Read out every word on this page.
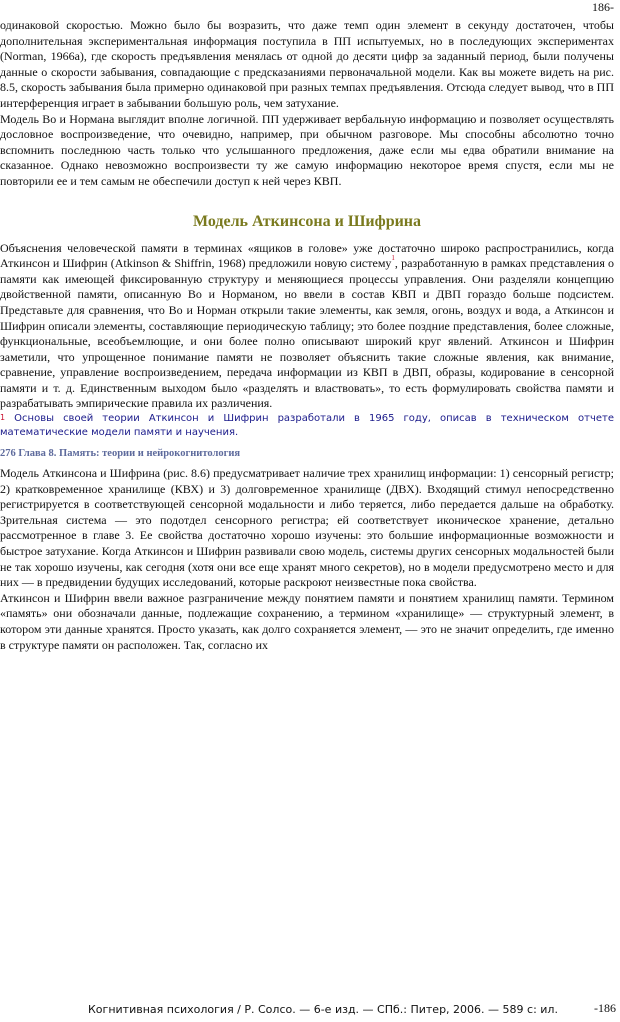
186-

одинаковой скоростью. Можно было бы возразить, что даже темп один элемент в секунду достаточен, чтобы дополнительная экспериментальная информация поступила в ПП испытуемых, но в последующих экспериментах (Norman, 1966а), где скорость предъявления менялась от одной до десяти цифр за заданный период, были получены данные о скорости забывания, совпадающие с предсказаниями первоначальной модели. Как вы можете видеть на рис. 8.5, скорость забывания была примерно одинаковой при разных темпах предъявления. Отсюда следует вывод, что в ПП интерференция играет в забывании большую роль, чем затухание.

Модель Во и Нормана выглядит вполне логичной. ПП удерживает вербальную информацию и позволяет осуществлять дословное воспроизведение, что очевидно, например, при обычном разговоре. Мы способны абсолютно точно вспомнить последнюю часть только что услышанного предложения, даже если мы едва обратили внимание на сказанное. Однако невозможно воспроизвести ту же самую информацию некоторое время спустя, если мы не повторили ее и тем самым не обеспечили доступ к ней через КВП.

Модель Аткинсона и Шифрина

Объяснения человеческой памяти в терминах «ящиков в голове» уже достаточно широко распространились, когда Аткинсон и Шифрин (Atkinson & Shiffrin, 1968) предложили новую систему$^1$, разработанную в рамках представления о памяти как имеющей фиксированную структуру и меняющиеся процессы управления. Они разделяли концепцию двойственной памяти, описанную Во и Норманом, но ввели в состав КВП и ДВП гораздо больше подсистем. Представьте для сравнения, что Во и Норман открыли такие элементы, как земля, огонь, воздух и вода, а Аткинсон и Шифрин описали элементы, составляющие периодическую таблицу; это более поздние представления, более сложные, функциональные, всеобъемлющие, и они более полно описывают широкий круг явлений. Аткинсон и Шифрин заметили, что упрощенное понимание памяти не позволяет объяснить такие сложные явления, как внимание, сравнение, управление воспроизведением, передача информации из КВП в ДВП, образы, кодирование в сенсорной памяти и т. д. Единственным выходом было «разделять и властвовать», то есть формулировать свойства памяти и разрабатывать эмпирические правила их различения.

$^1$ Основы своей теории Аткинсон и Шифрин разработали в 1965 году, описав в техническом отчете математические модели памяти и научения.

276 Глава 8. Память: теории и нейрокогнитология

Модель Аткинсона и Шифрина (рис. 8.6) предусматривает наличие трех хранилищ информации: 1) сенсорный регистр; 2) кратковременное хранилище (КВХ) и 3) долговременное хранилище (ДВХ). Входящий стимул непосредственно регистрируется в соответствующей сенсорной модальности и либо теряется, либо передается дальше на обработку. Зрительная система — это подотдел сенсорного регистра; ей соответствует иконическое хранение, детально рассмотренное в главе 3. Ее свойства достаточно хорошо изучены: это большие информационные возможности и быстрое затухание. Когда Аткинсон и Шифрин развивали свою модель, системы других сенсорных модальностей были не так хорошо изучены, как сегодня (хотя они все еще хранят много секретов), но в модели предусмотрено место и для них — в предвидении будущих исследований, которые раскроют неизвестные пока свойства.

Аткинсон и Шифрин ввели важное разграничение между понятием памяти и понятием хранилищ памяти. Термином «память» они обозначали данные, подлежащие сохранению, а термином «хранилище» — структурный элемент, в котором эти данные хранятся. Просто указать, как долго сохраняется элемент, — это не значит определить, где именно в структуре памяти он расположен. Так, согласно их

Когнитивная психология / Р. Солсо. — 6-е изд. — СПб.: Питер, 2006. — 589 с: ил.	-186
